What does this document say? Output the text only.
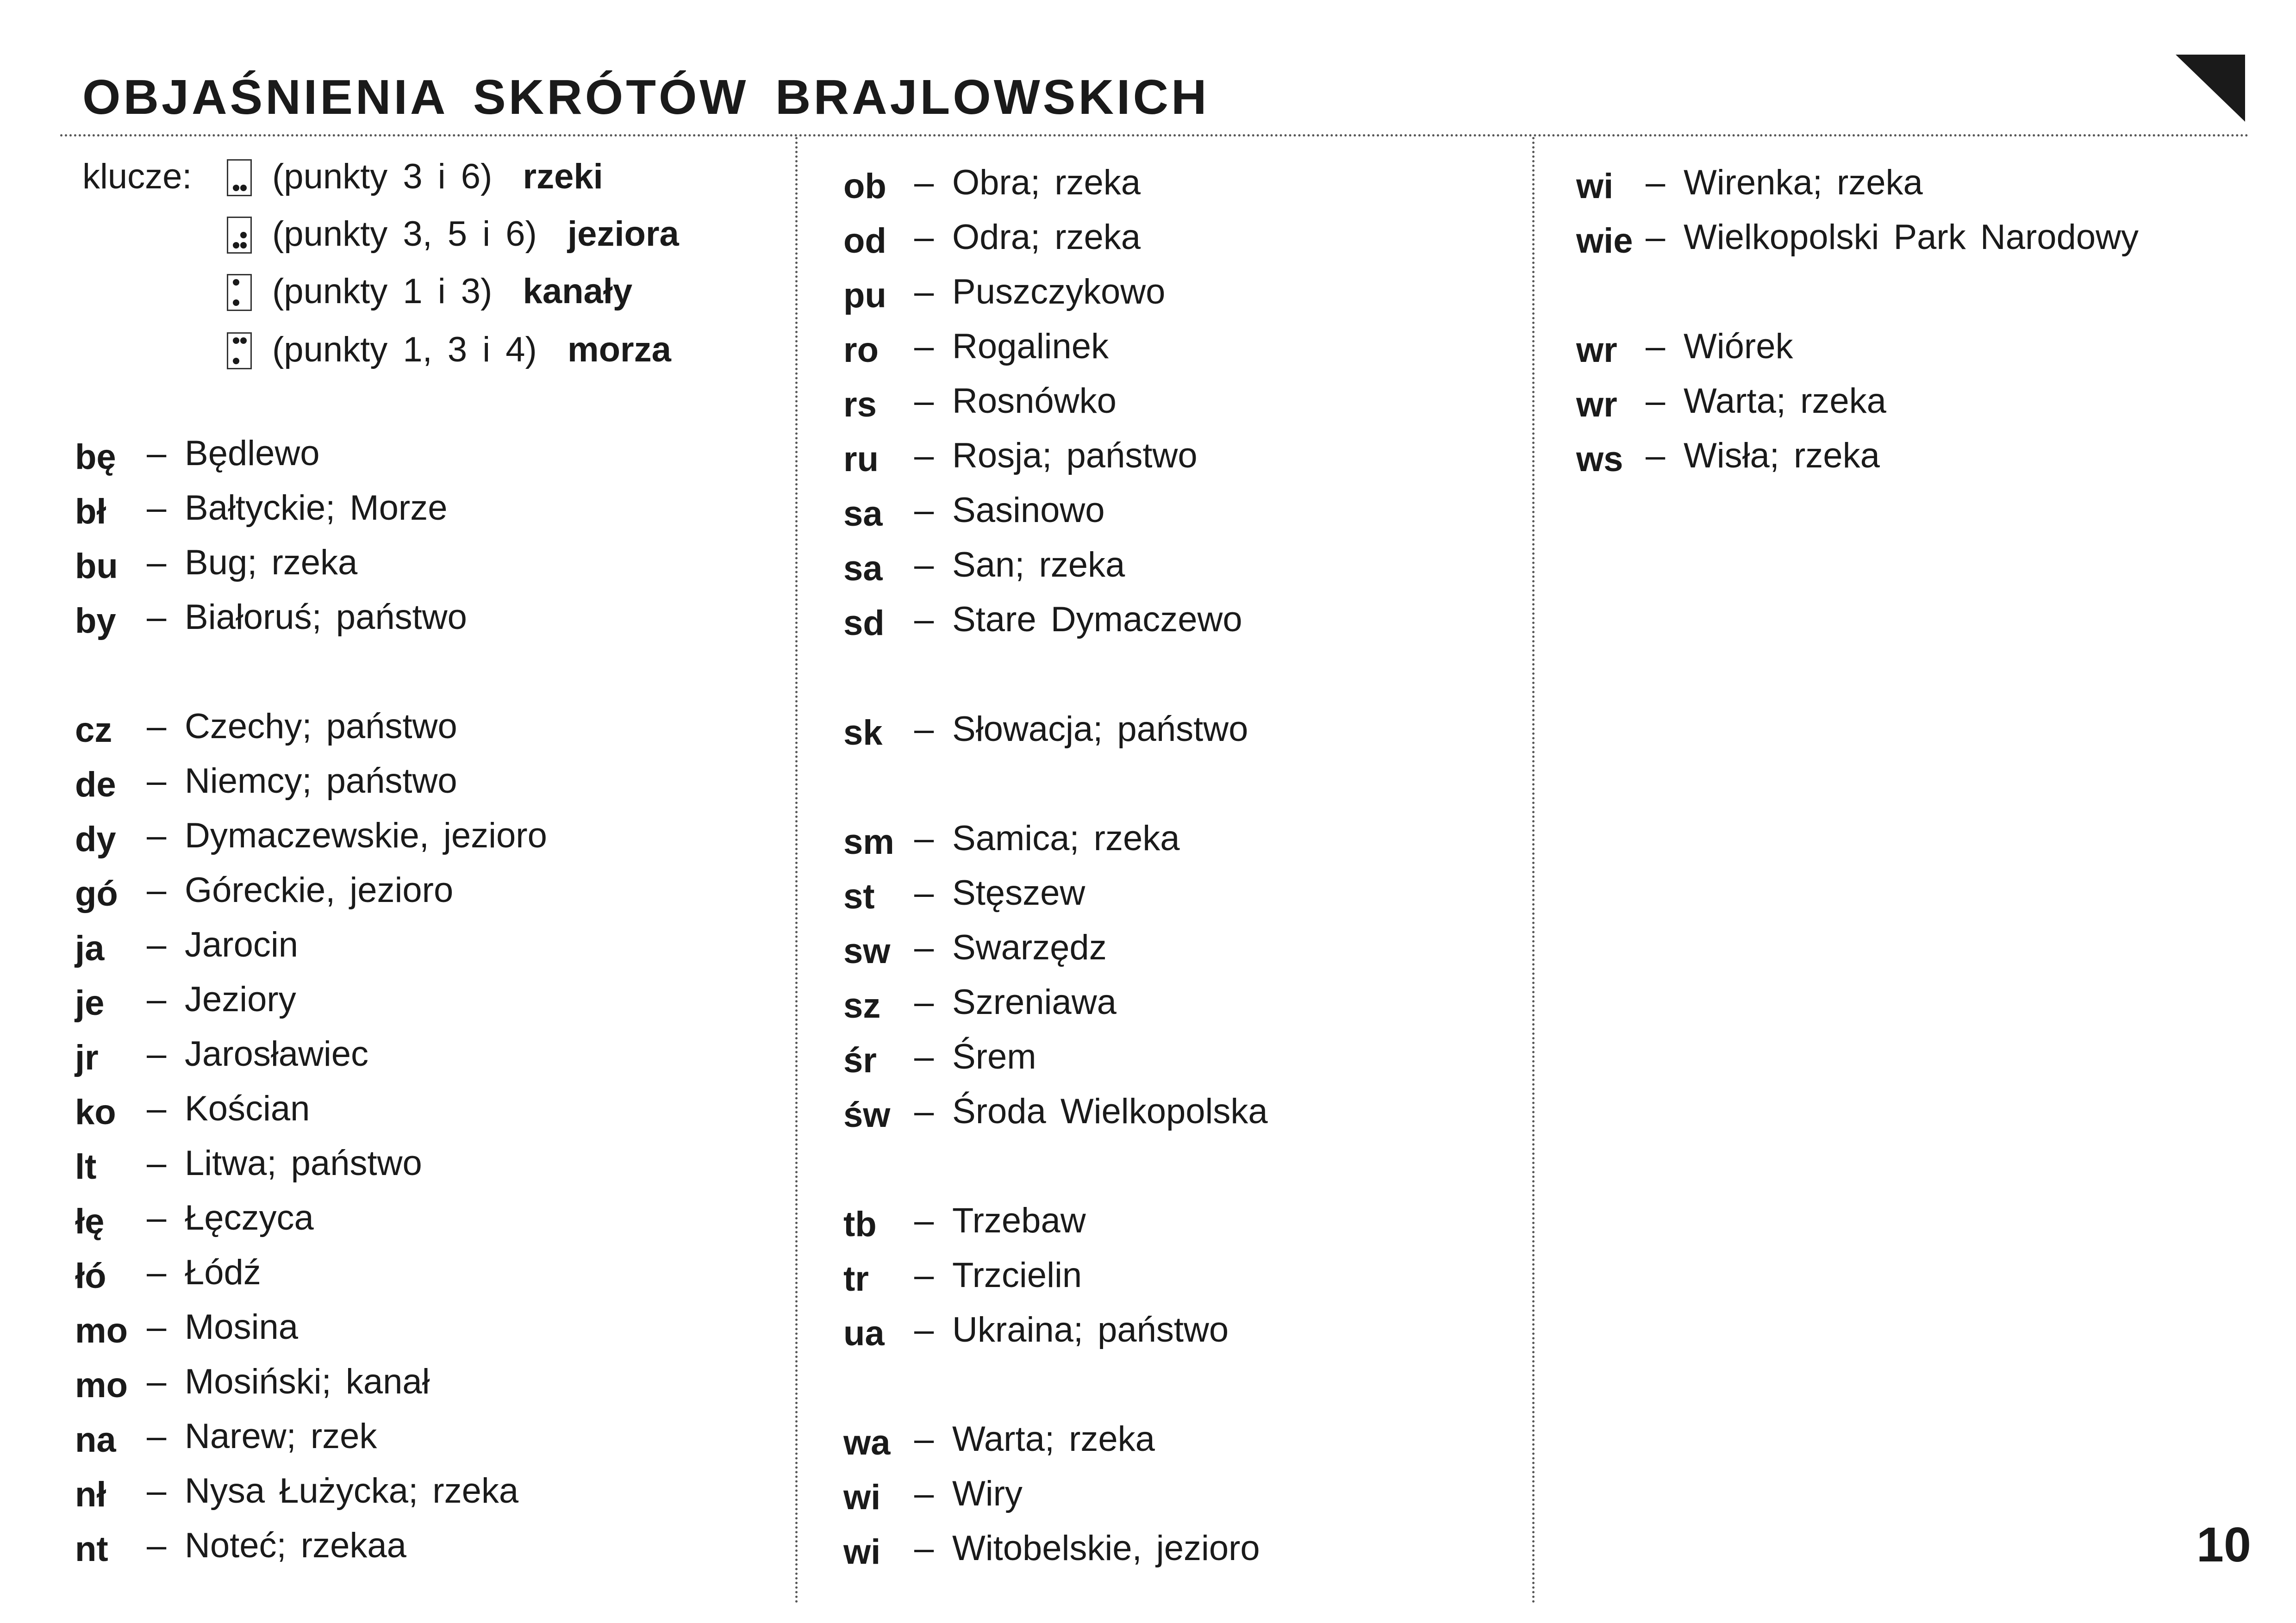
OBJAŚNIENIA SKRÓTÓW BRAJLOWSKICH
klucze: (punkty 3 i 6) rzeki
(punkty 3, 5 i 6) jeziora
(punkty 1 i 3) kanały
(punkty 1, 3 i 4) morza
bę – Będlewo
bł – Bałtyckie; Morze
bu – Bug; rzeka
by – Białoruś; państwo
cz – Czechy; państwo
de – Niemcy; państwo
dy – Dymaczewskie, jezioro
gó – Góreckie, jezioro
ja – Jarocin
je – Jeziory
jr – Jarosławiec
ko – Kościan
lt – Litwa; państwo
łę – Łęczyca
łó – Łódź
mo – Mosina
mo – Mosiński; kanał
na – Narew; rzek
nł – Nysa Łużycka; rzeka
nt – Noteć; rzekaa
ob – Obra; rzeka
od – Odra; rzeka
pu – Puszczykowo
ro – Rogalinek
rs – Rosnówko
ru – Rosja; państwo
sa – Sasinowo
sa – San; rzeka
sd – Stare Dymaczewo
sk – Słowacja; państwo
sm – Samica; rzeka
st – Stęszew
sw – Swarzędz
sz – Szreniawa
śr – Śrem
św – Środa Wielkopolska
tb – Trzebaw
tr – Trzcielin
ua – Ukraina; państwo
wa – Warta; rzeka
wi – Wiry
wi – Witobelskie, jezioro
wi – Wirenka; rzeka
wie – Wielkopolski Park Narodowy
wr – Wiórek
wr – Warta; rzeka
ws – Wisła; rzeka
10
